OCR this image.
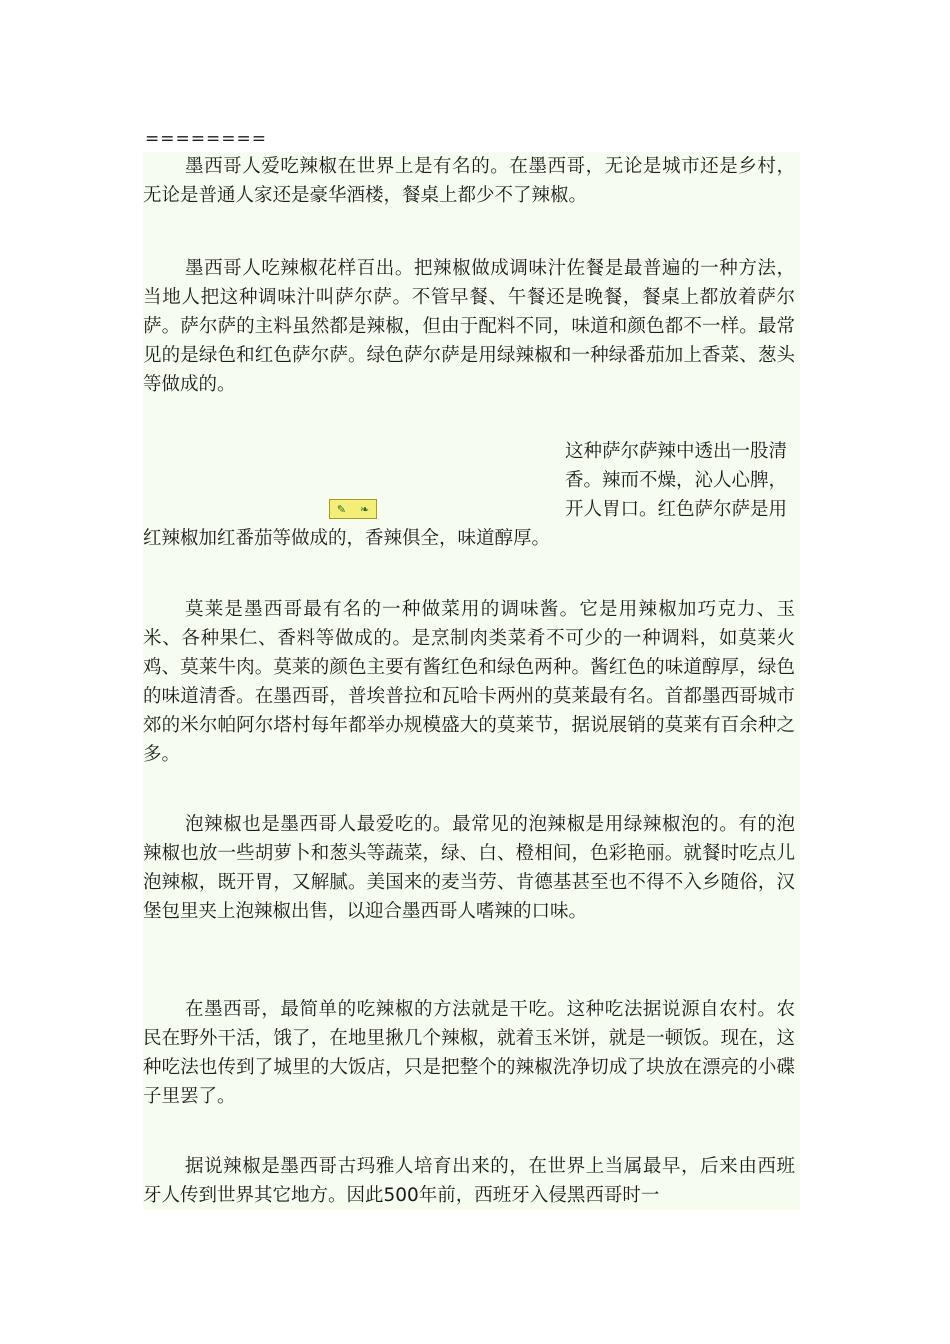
========

墨西哥人爱吃辣椒在世界上是有名的。在墨西哥，无论是城市还是乡村，无论是普通人家还是豪华酒楼，餐桌上都少不了辣椒。

墨西哥人吃辣椒花样百出。把辣椒做成调味汁佐餐是最普遍的一种方法，当地人把这种调味汁叫萨尔萨。不管早餐、午餐还是晚餐，餐桌上都放着萨尔萨。萨尔萨的主料虽然都是辣椒，但由于配料不同，味道和颜色都不一样。最常见的是绿色和红色萨尔萨。绿色萨尔萨是用绿辣椒和一种绿番茄加上香菜、葱头等做成的。

✎ ❧
这种萨尔萨辣中透出一股清香。辣而不燥，沁人心脾，开人胃口。红色萨尔萨是用红辣椒加红番茄等做成的，香辣俱全，味道醇厚。

莫莱是墨西哥最有名的一种做菜用的调味酱。它是用辣椒加巧克力、玉米、各种果仁、香料等做成的。是烹制肉类菜肴不可少的一种调料，如莫莱火鸡、莫莱牛肉。莫莱的颜色主要有酱红色和绿色两种。酱红色的味道醇厚，绿色的味道清香。在墨西哥，普埃普拉和瓦哈卡两州的莫莱最有名。首都墨西哥城市郊的米尔帕阿尔塔村每年都举办规模盛大的莫莱节，据说展销的莫莱有百余种之多。

泡辣椒也是墨西哥人最爱吃的。最常见的泡辣椒是用绿辣椒泡的。有的泡辣椒也放一些胡萝卜和葱头等蔬菜，绿、白、橙相间，色彩艳丽。就餐时吃点儿泡辣椒，既开胃，又解腻。美国来的麦当劳、肯德基甚至也不得不入乡随俗，汉堡包里夹上泡辣椒出售，以迎合墨西哥人嗜辣的口味。

在墨西哥，最简单的吃辣椒的方法就是干吃。这种吃法据说源自农村。农民在野外干活，饿了，在地里揪几个辣椒，就着玉米饼，就是一顿饭。现在，这种吃法也传到了城里的大饭店，只是把整个的辣椒洗净切成了块放在漂亮的小碟子里罢了。

据说辣椒是墨西哥古玛雅人培育出来的，在世界上当属最早，后来由西班牙人传到世界其它地方。因此500年前，西班牙入侵黑西哥时一
